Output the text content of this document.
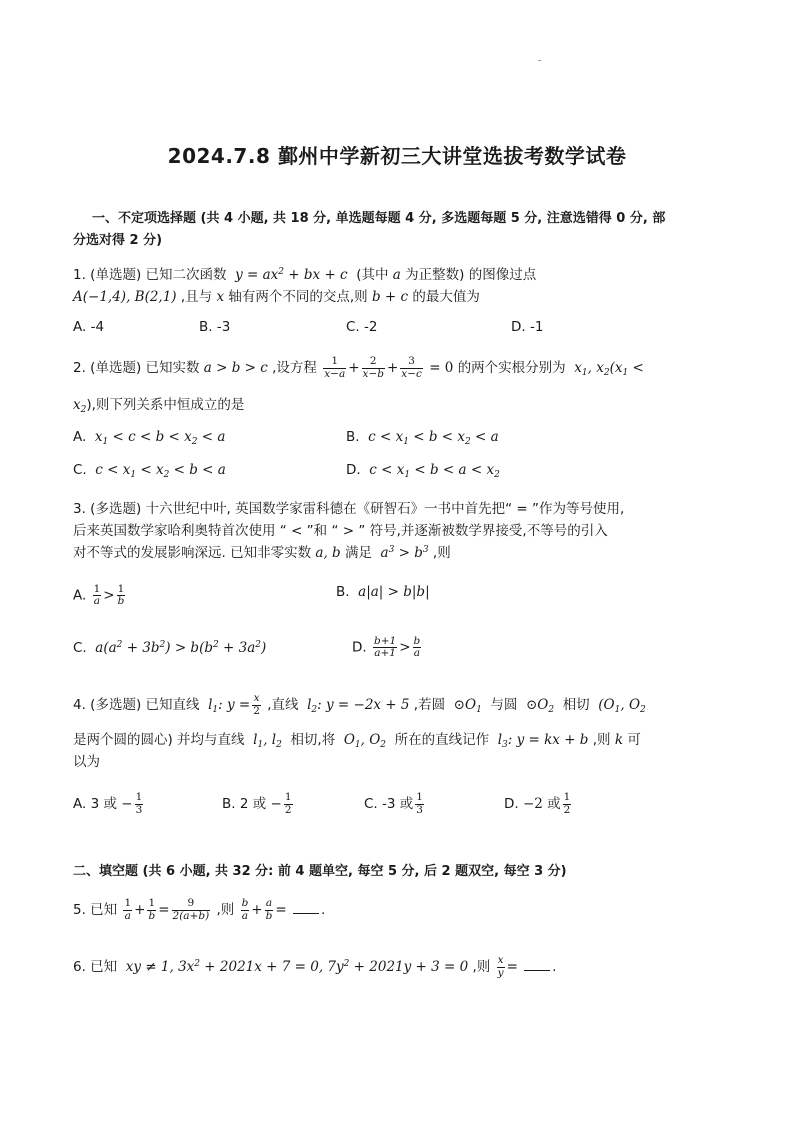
2024.7.8 鄞州中学新初三大讲堂选拔考数学试卷
一、不定项选择题 (共 4 小题, 共 18 分, 单选题每题 4 分, 多选题每题 5 分, 注意选错得 0 分, 部
分选对得 2 分)
1. (单选题) 已知二次函数  $y = ax^2$ + bx + c  (其中 a 为正整数) 的图像过点
A(−1,4), B(2,1) ,且与 x 轴有两个不同的交点,则 b + c 的最大值为
A. -4	B. -3	C. -2	D. -1
2. (单选题) 已知实数 a > b > c ,设方程 $\frac{1}{x-a} + \frac{2}{x-b} + \frac{3}{x-c} = 0$ 的两个实根分别为  $x_1$, $x_2(x_1$ <
$x_2$),则下列关系中恒成立的是
A.  $x_1 < c < b < x_2 < a$	B.  $c < x_1 < b < x_2 < a$
C.  $c < x_1 < x_2 < b < a$	D.  $c < x_1 < b < a < x_2$
3. (多选题) 十六世纪中叶, 英国数学家雷科德在《研智石》一书中首先把“ = ”作为等号使用,
后来英国数学家哈利奥特首次使用 “ < ”和 “ > ” 符号,并逐渐被数学界接受,不等号的引入
对不等式的发展影响深远. 已知非零实数 a, b 满足  $a^3 > b^3$ ,则
A. $\frac{1}{a} > \frac{1}{b}$	B.  a|a| > b|b|
C.  $a(a^2 + 3b^2) > b(b^2 + 3a^2)$	D. $\frac{b+1}{a+1} > \frac{b}{a}$
4. (多选题) 已知直线  $l_1$: $y = \frac{x}{2}$ ,直线  $l_2$: y = −2x + 5 ,若圆  $⊙O_1$ 与圆  $⊙O_2$ 相切  ($O_1$, $O_2$
是两个圆的圆心) 并均与直线  $l_1$, $l_2$ 相切,将  $O_1$, $O_2$ 所在的直线记作  $l_3$: y = kx + b ,则 k 可
以为
A. 3 或 − $\frac{1}{3}$	B. 2 或 − $\frac{1}{2}$	C. -3 或 $\frac{1}{3}$	D. −2 或 $\frac{1}{2}$
二、填空题 (共 6 小题, 共 32 分: 前 4 题单空, 每空 5 分, 后 2 题双空, 每空 3 分)
5. 已知 $\frac{1}{a} + \frac{1}{b} = \frac{9}{2(a+b)}$ ,则 $\frac{b}{a} + \frac{a}{b}$ =	.
6. 已知  xy ≠ 1, $3x^2 + 2021x + 7 = 0$, $7y^2 + 2021y + 3 = 0$ ,则 $\frac{x}{y}$ =	.
